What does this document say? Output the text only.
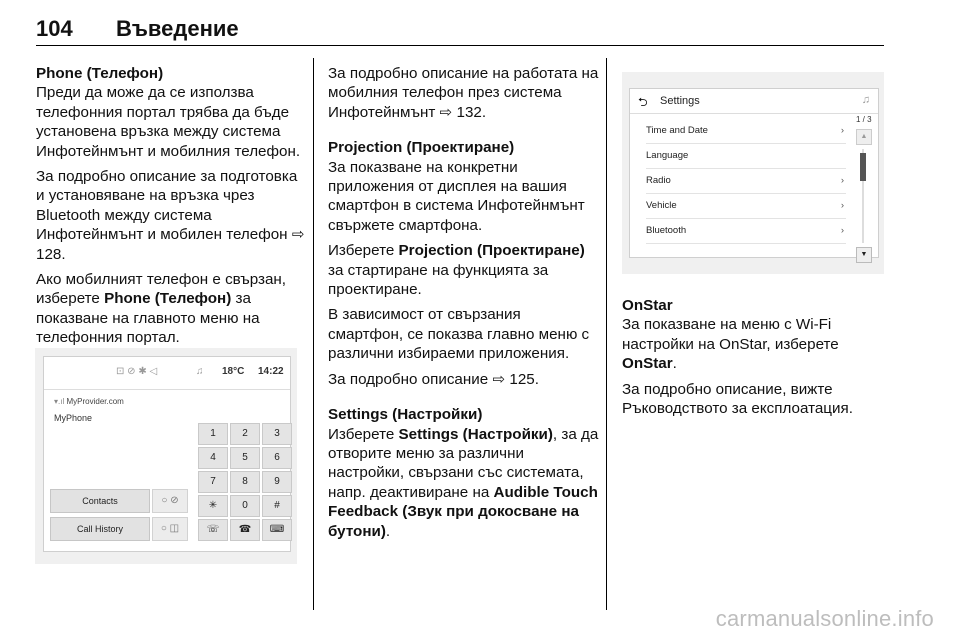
104 Въведение
Phone (Телефон)

Преди да може да се използва телефонния портал трябва да бъде установена връзка между система Инфотейнмънт и мобилния телефон.

За подробно описание за подготовка и установяване на връзка чрез Bluetooth между система Инфотейнмънт и мобилен телефон ⇨ 128.

Ако мобилният телефон е свързан, изберете Phone (Телефон) за показване на главното меню на телефонния портал.

⊡ ⊘ ✱ ◁	♫ 18°C 14:22
▾.ıl MyProvider.com
MyPhone
Contacts
Call History
○ ⊘
○ ◫
1	2	3
4	5	6
7	8	9
✳	0	#
☏	☎	⌨

За подробно описание на работата на мобилния телефон през система Инфотейнмънт ⇨ 132.

Projection (Проектиране)

За показване на конкретни приложения от дисплея на вашия смартфон в система Инфотейнмънт свържете смартфона.

Изберете Projection (Проектиране) за стартиране на функцията за проектиране.

В зависимост от свързания смартфон, се показва главно меню с различни избираеми приложения.

За подробно описание ⇨ 125.

Settings (Настройки)

Изберете Settings (Настройки), за да отворите меню за различни настройки, свързани със системата, напр. деактивиране на Audible Touch Feedback (Звук при докосване на бутони).

⮌ Settings	♫
Time and Date	›
Language
Radio	›
Vehicle	›
Bluetooth	›
1 / 3
▲
▼
OnStar

За показване на меню с Wi-Fi настройки на OnStar, изберете OnStar.

За подробно описание, вижте Ръководството за експлоатация.

carmanualsonline.info
